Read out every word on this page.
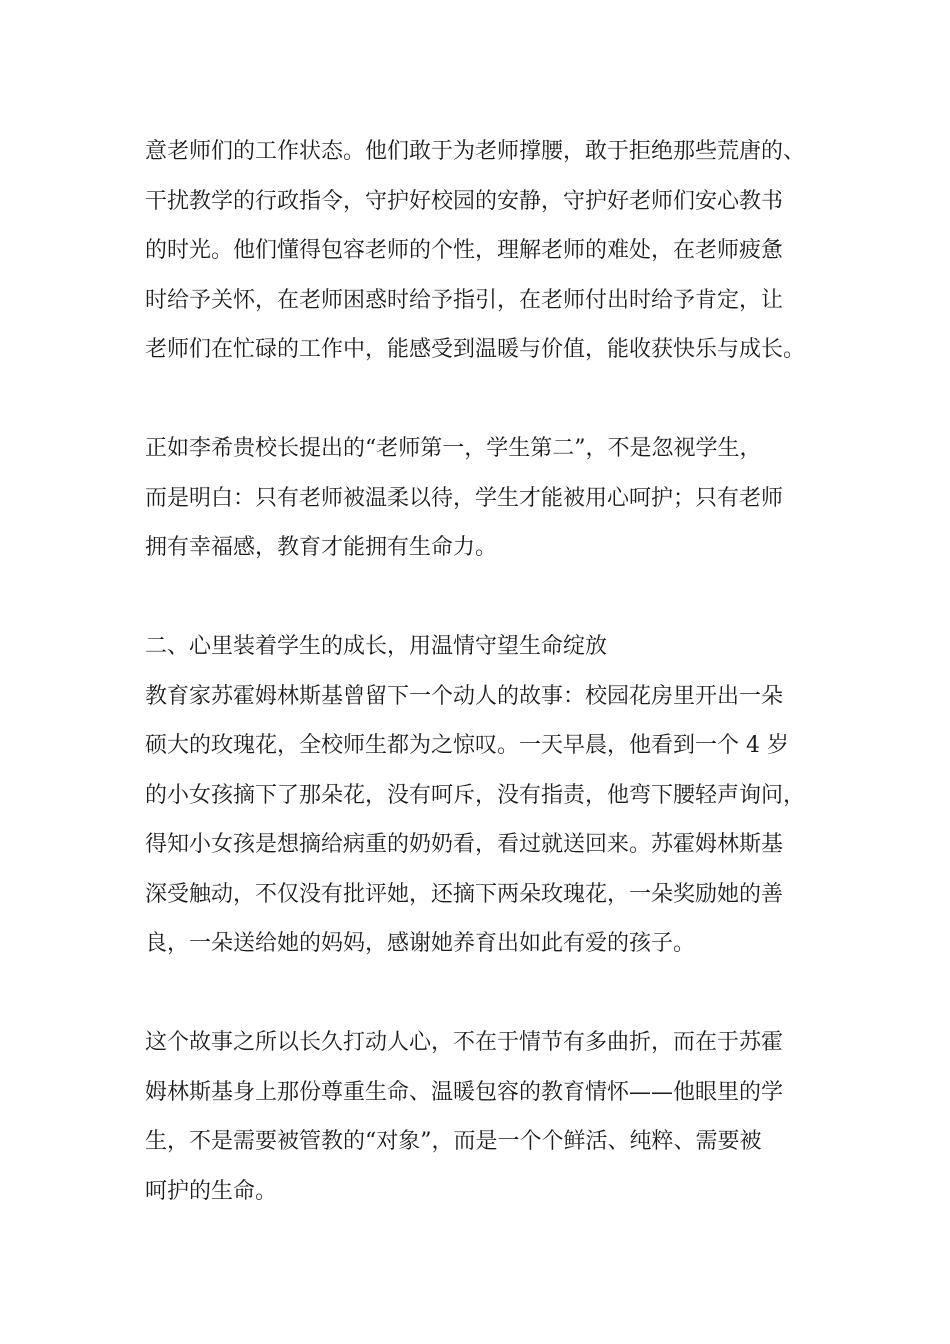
意老师们的工作状态。他们敢于为老师撑腰，敢于拒绝那些荒唐的、
干扰教学的行政指令，守护好校园的安静，守护好老师们安心教书
的时光。他们懂得包容老师的个性，理解老师的难处，在老师疲惫
时给予关怀，在老师困惑时给予指引，在老师付出时给予肯定，让
老师们在忙碌的工作中，能感受到温暖与价值，能收获快乐与成长。
正如李希贵校长提出的“老师第一，学生第二”，不是忽视学生，
而是明白：只有老师被温柔以待，学生才能被用心呵护；只有老师
拥有幸福感，教育才能拥有生命力。
二、心里装着学生的成长，用温情守望生命绽放
教育家苏霍姆林斯基曾留下一个动人的故事：校园花房里开出一朵
硕大的玫瑰花，全校师生都为之惊叹。一天早晨，他看到一个 4 岁
的小女孩摘下了那朵花，没有呵斥，没有指责，他弯下腰轻声询问，
得知小女孩是想摘给病重的奶奶看，看过就送回来。苏霍姆林斯基
深受触动，不仅没有批评她，还摘下两朵玫瑰花，一朵奖励她的善
良，一朵送给她的妈妈，感谢她养育出如此有爱的孩子。
这个故事之所以长久打动人心，不在于情节有多曲折，而在于苏霍
姆林斯基身上那份尊重生命、温暖包容的教育情怀——他眼里的学
生，不是需要被管教的“对象”，而是一个个鲜活、纯粹、需要被
呵护的生命。
